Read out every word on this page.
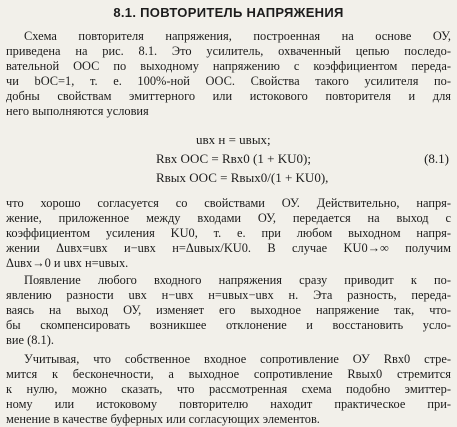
8.1. ПОВТОРИТЕЛЬ НАПРЯЖЕНИЯ
Схема повторителя напряжения, построенная на основе ОУ,
приведена на рис. 8.1. Это усилитель, охваченный цепью последо-
вательной ООС по выходному напряжению с коэффициентом переда-
чи bОС=1, т. е. 100%-ной ООС. Свойства такого усилителя по-
добны свойствам эмиттерного или истокового повторителя и для
него выполняются условия
uвх н = uвых;
Rвх ООС = Rвх0 (1 + KU0);	(8.1)
Rвых ООС = Rвых0/(1 + KU0),
что хорошо согласуется со свойствами ОУ. Действительно, напря-
жение, приложенное между входами ОУ, передается на выход с
коэффициентом усиления KU0, т. е. при любом выходном напря-
жении Δuвх=uвх и−uвх н=Δuвых/KU0. В случае KU0→∞ получим
Δuвх→0 и uвх н=uвых.
Появление любого входного напряжения сразу приводит к по-
явлению разности uвх н−uвх н=uвых−uвх н. Эта разность, переда-
ваясь на выход ОУ, изменяет его выходное напряжение так, что-
бы скомпенсировать возникшее отклонение и восстановить усло-
вие (8.1).
Учитывая, что собственное входное сопротивление ОУ Rвх0 стре-
мится к бесконечности, а выходное сопротивление Rвых0 стремится
к нулю, можно сказать, что рассмотренная схема подобно эмиттер-
ному или истоковому повторителю находит практическое при-
менение в качестве буферных или согласующих элементов.
